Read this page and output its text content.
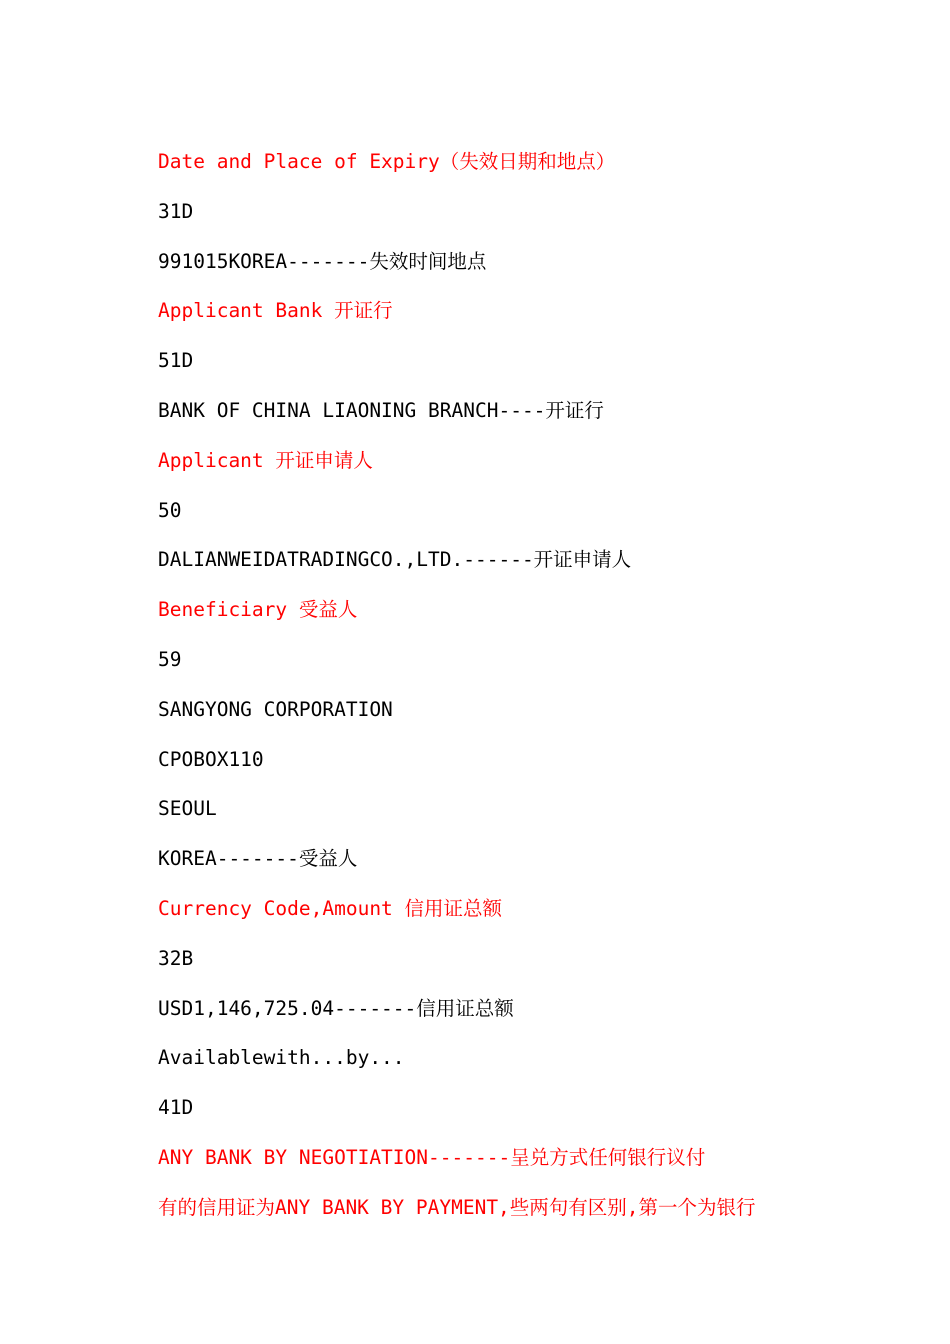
Date and Place of Expiry（失效日期和地点）
31D
991015KOREA-------失效时间地点
Applicant Bank 开证行
51D
BANK OF CHINA LIAONING BRANCH----开证行
Applicant 开证申请人
50
DALIANWEIDATRADINGCO.,LTD.------开证申请人
Beneficiary 受益人
59
SANGYONG CORPORATION
CPOBOX110
SEOUL
KOREA-------受益人
Currency Code,Amount 信用证总额
32B
USD1,146,725.04-------信用证总额
Availablewith...by...
41D
ANY BANK BY NEGOTIATION-------呈兑方式任何银行议付
有的信用证为ANY BANK BY PAYMENT,些两句有区别,第一个为银行
